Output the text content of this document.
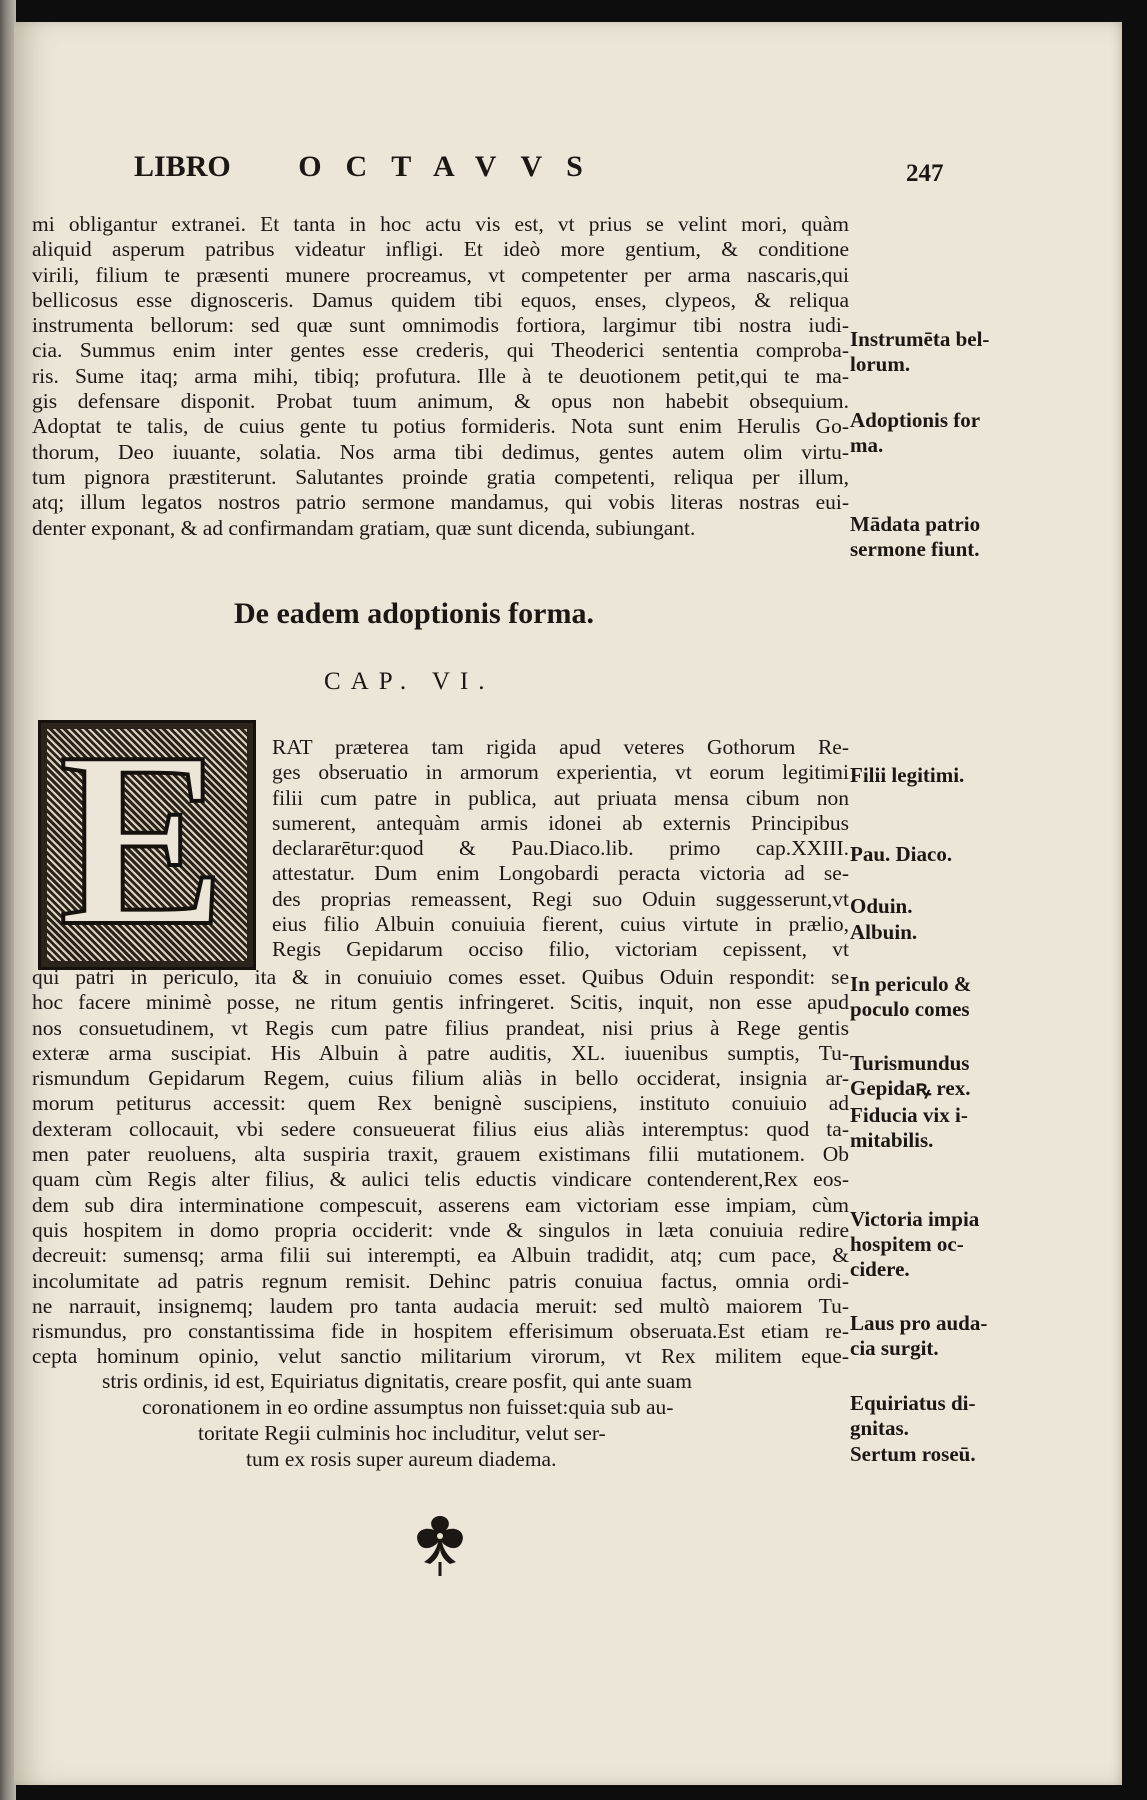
LIBRO OCTAVVS	247
mi obligantur extranei. Et tanta in hoc actu vis est, vt prius se velint mori, quàm
aliquid asperum patribus videatur infligi. Et ideò more gentium, & conditione
virili, filium te præsenti munere procreamus, vt competenter per arma nascaris,qui
bellicosus esse dignosceris. Damus quidem tibi equos, enses, clypeos, & reliqua
instrumenta bellorum: sed quæ sunt omnimodis fortiora, largimur tibi nostra iudi-
cia. Summus enim inter gentes esse crederis, qui Theoderici sententia comproba-
ris. Sume itaq; arma mihi, tibiq; profutura. Ille à te deuotionem petit,qui te ma-
gis defensare disponit. Probat tuum animum, & opus non habebit obsequium.
Adoptat te talis, de cuius gente tu potius formideris. Nota sunt enim Herulis Go-
thorum, Deo iuuante, solatia. Nos arma tibi dedimus, gentes autem olim virtu-
tum pignora præstiterunt. Salutantes proinde gratia competenti, reliqua per illum,
atq; illum legatos nostros patrio sermone mandamus, qui vobis literas nostras eui-
denter exponant, & ad confirmandam gratiam, quæ sunt dicenda, subiungant.
Instrumēta bel-
lorum.
Adoptionis for
ma.
Mādata patrio
sermone fiunt.
De eadem adoptionis forma.
CAP. VI.
E RAT præterea tam rigida apud veteres Gothorum Re-
ges obseruatio in armorum experientia, vt eorum legitimi
filii cum patre in publica, aut priuata mensa cibum non
sumerent, antequàm armis idonei ab externis Principibus
declararētur:quod & Pau.Diaco.lib. primo cap.XXIII.
attestatur. Dum enim Longobardi peracta victoria ad se-
des proprias remeassent, Regi suo Oduin suggesserunt,vt
eius filio Albuin conuiuia fierent, cuius virtute in prælio,
Regis Gepidarum occiso filio, victoriam cepissent, vt
Filii legitimi.
Pau. Diaco.
Oduin.
Albuin.
qui patri in periculo, ita & in conuiuio comes esset. Quibus Oduin respondit: se
hoc facere minimè posse, ne ritum gentis infringeret. Scitis, inquit, non esse apud
nos consuetudinem, vt Regis cum patre filius prandeat, nisi prius à Rege gentis
exteræ arma suscipiat. His Albuin à patre auditis, XL. iuuenibus sumptis, Tu-
rismundum Gepidarum Regem, cuius filium aliàs in bello occiderat, insignia ar-
morum petiturus accessit: quem Rex benignè suscipiens, instituto conuiuio ad
dexteram collocauit, vbi sedere consueuerat filius eius aliàs interemptus: quod ta-
men pater reuoluens, alta suspiria traxit, grauem existimans filii mutationem. Ob
quam cùm Regis alter filius, & aulici telis eductis vindicare contenderent,Rex eos-
dem sub dira interminatione compescuit, asserens eam victoriam esse impiam, cùm
quis hospitem in domo propria occiderit: vnde & singulos in læta conuiuia redire
decreuit: sumensq; arma filii sui interempti, ea Albuin tradidit, atq; cum pace, &
incolumitate ad patris regnum remisit. Dehinc patris conuiua factus, omnia ordi-
ne narrauit, insignemq; laudem pro tanta audacia meruit: sed multò maiorem Tu-
rismundus, pro constantissima fide in hospitem efferisimum obseruata.Est etiam re-
cepta hominum opinio, velut sanctio militarium virorum, vt Rex militem eque-
stris ordinis, id est, Equiriatus dignitatis, creare posfit, qui ante suam
coronationem in eo ordine assumptus non fuisset:quia sub au-
toritate Regii culminis hoc includitur, velut ser-
tum ex rosis super aureum diadema.
In periculo &
poculo comes
Turismundus
Gepidaꝶ rex.
Fiducia vix i-
mitabilis.
Victoria impia
hospitem oc-
cidere.
Laus pro auda-
cia surgit.
Equiriatus di-
gnitas.
Sertum roseū.
